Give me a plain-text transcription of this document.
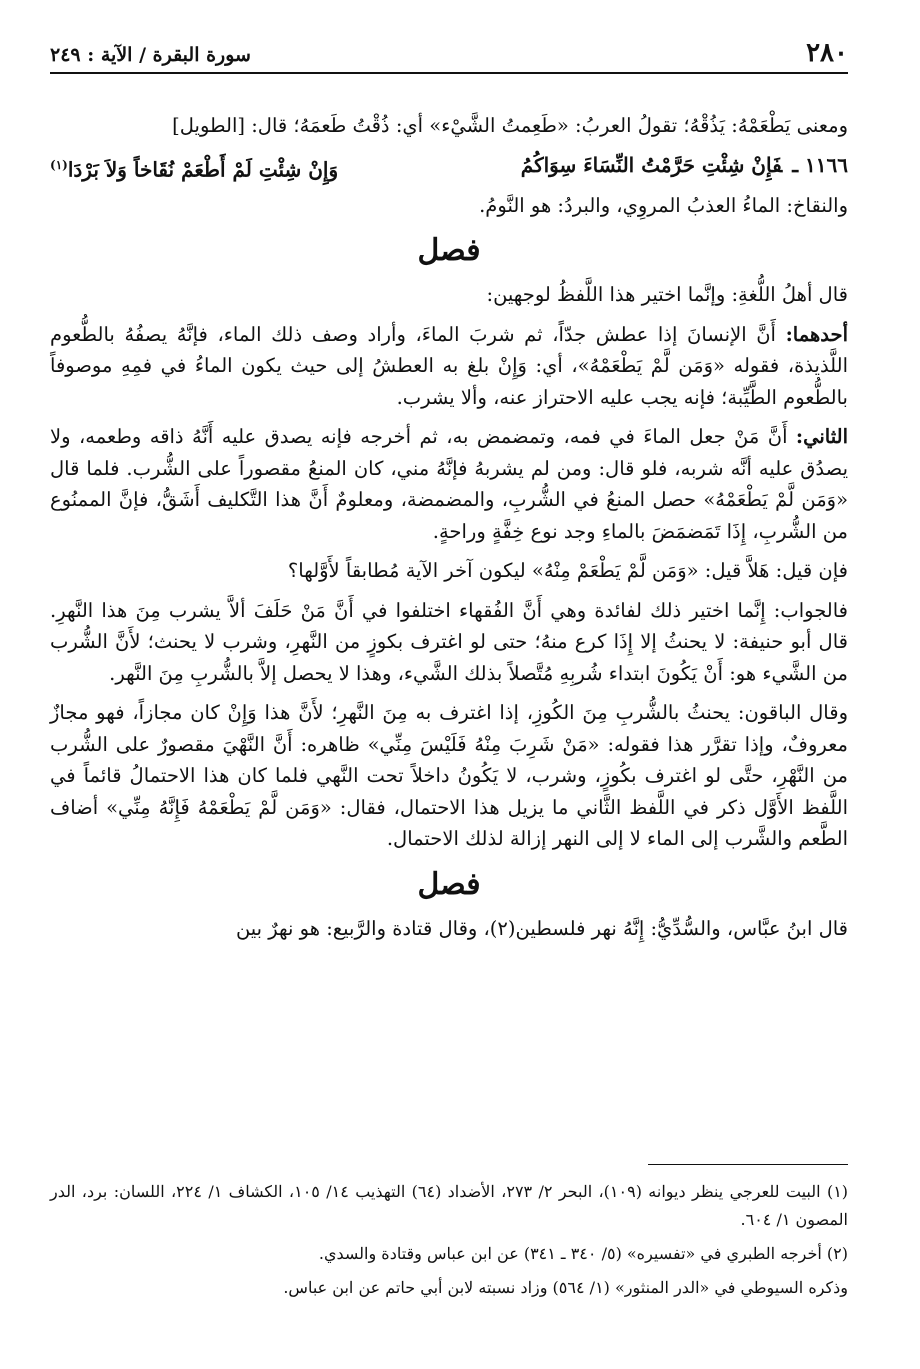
٢٨٠
سورة البقرة / الآية : ٢٤٩

ومعنى يَطْعَمْهُ: يَذُقْهُ؛ تقولُ العربُ: «طَعِمتُ الشَّيْء» أي: ذُقْتُ طَعمَهُ؛ قال: [الطويل]

١١٦٦ ـفَإِنْ شِئْتِ حَرَّمْتُ النِّسَاءَ سِوَاكُمُ
وَإِنْ شِئْتِ لَمْ أَطْعَمْ نُقَاخاً وَلاَ بَرْدَا$^{(١)}$

والنقاخ: الماءُ العذبُ المروِي، والبردُ: هو النَّومُ.

فصل

قال أهلُ اللُّغةِ: وإنَّما اختير هذا اللَّفظُ لوجهين:

أحدهما: أَنَّ الإنسانَ إذا عطش جدّاً، ثم شربَ الماءَ، وأراد وصف ذلك الماء، فإنَّهُ يصفُهُ بالطُّعوم اللَّذيذة، فقوله «وَمَن لَّمْ يَطْعَمْهُ»، أي: وَإِنْ بلغ به العطشُ إلى حيث يكون الماءُ في فمِهِ موصوفاً بالطُّعوم الطَّيِّبة؛ فإنه يجب عليه الاحتراز عنه، وألا يشرب.

الثاني: أَنَّ مَنْ جعل الماءَ في فمه، وتمضمض به، ثم أخرجه فإنه يصدق عليه أَنَّهُ ذاقه وطعمه، ولا يصدُق عليه أنَّه شربه، فلو قال: ومن لم يشربهُ فإنَّهُ مني، كان المنعُ مقصوراً على الشُّرب. فلما قال «وَمَن لَّمْ يَطْعَمْهُ» حصل المنعُ في الشُّربِ، والمضمضة، ومعلومٌ أَنَّ هذا التَّكليف أَشَقُّ، فإنَّ الممنُوع من الشُّربِ، إِذَا تَمَضمَضَ بالماءِ وجد نوع خِفَّةٍ وراحةٍ.

فإن قيل: هَلاَّ قيل: «وَمَن لَّمْ يَطْعَمْ مِنْهُ» ليكون آخر الآية مُطابقاً لأَوَّلها؟

فالجواب: إِنَّما اختير ذلك لفائدة وهي أَنَّ الفُقهاء اختلفوا في أَنَّ مَنْ حَلَفَ ألاَّ يشرب مِنَ هذا النَّهرِ. قال أبو حنيفة: لا يحنثُ إلا إِذَا كرع منهُ؛ حتى لو اغترف بكوزٍ من النَّهرِ، وشرب لا يحنث؛ لأَنَّ الشُّرب من الشَّيء هو: أَنْ يَكُونَ ابتداء شُربِهِ مُتَّصلاً بذلك الشَّيء، وهذا لا يحصل إلاَّ بالشُّربِ مِنَ النَّهر.

وقال الباقون: يحنثُ بالشُّربِ مِنَ الكُوزِ، إذا اغترف به مِنَ النَّهرِ؛ لأَنَّ هذا وَإِنْ كان مجازاً، فهو مجازٌ معروفٌ، وإذا تقرَّر هذا فقوله: «مَنْ شَرِبَ مِنْهُ فَلَيْسَ مِنِّي» ظاهره: أَنَّ النَّهْيَ مقصورٌ على الشُّرب من النَّهْرِ، حتَّى لو اغترف بكُوزٍ، وشرب، لا يَكُونُ داخلاً تحت النَّهي فلما كان هذا الاحتمالُ قائماً في اللَّفظ الأَوَّل ذكر في اللَّفظ الثَّاني ما يزيل هذا الاحتمال، فقال: «وَمَن لَّمْ يَطْعَمْهُ فَإِنَّهُ مِنِّي» أضاف الطَّعم والشَّرب إلى الماء لا إلى النهر إزالة لذلك الاحتمال.

فصل

قال ابنُ عبَّاس، والسُّدِّيُّ: إِنَّهُ نهر فلسطين(٢)، وقال قتادة والرَّبيع: هو نهرٌ بين

(١) البيت للعرجي ينظر ديوانه (١٠٩)، البحر ٢/ ٢٧٣، الأضداد (٦٤) التهذيب ١٤/ ١٠٥، الكشاف ١/ ٢٢٤، اللسان: برد، الدر المصون ١/ ٦٠٤.

(٢) أخرجه الطبري في «تفسيره» (٥/ ٣٤٠ ـ ٣٤١) عن ابن عباس وقتادة والسدي.

وذكره السيوطي في «الدر المنثور» (١/ ٥٦٤) وزاد نسبته لابن أبي حاتم عن ابن عباس.
